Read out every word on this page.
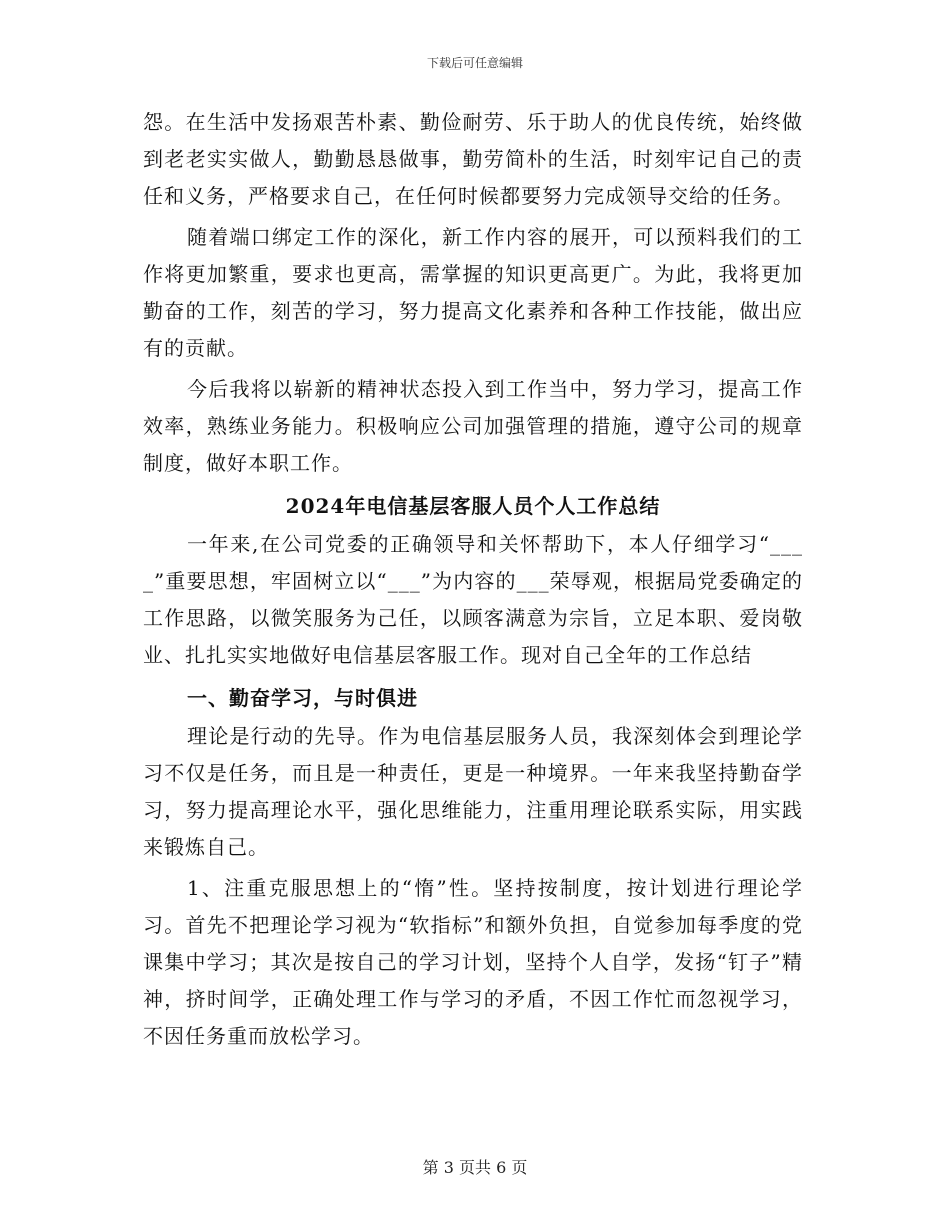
下载后可任意编辑

怨。在生活中发扬艰苦朴素、勤俭耐劳、乐于助人的优良传统，始终做到老老实实做人，勤勤恳恳做事，勤劳简朴的生活，时刻牢记自己的责任和义务，严格要求自己，在任何时候都要努力完成领导交给的任务。

随着端口绑定工作的深化，新工作内容的展开，可以预料我们的工作将更加繁重，要求也更高，需掌握的知识更高更广。为此，我将更加勤奋的工作，刻苦的学习，努力提高文化素养和各种工作技能，做出应有的贡献。

今后我将以崭新的精神状态投入到工作当中，努力学习，提高工作效率，熟练业务能力。积极响应公司加强管理的措施，遵守公司的规章制度，做好本职工作。

2024年电信基层客服人员个人工作总结

一年来,在公司党委的正确领导和关怀帮助下，本人仔细学习“____”重要思想，牢固树立以“___”为内容的___荣辱观，根据局党委确定的工作思路，以微笑服务为己任，以顾客满意为宗旨，立足本职、爱岗敬业、扎扎实实地做好电信基层客服工作。现对自己全年的工作总结

一、勤奋学习，与时俱进

理论是行动的先导。作为电信基层服务人员，我深刻体会到理论学习不仅是任务，而且是一种责任，更是一种境界。一年来我坚持勤奋学习，努力提高理论水平，强化思维能力，注重用理论联系实际，用实践来锻炼自己。

1、注重克服思想上的“惰”性。坚持按制度，按计划进行理论学习。首先不把理论学习视为“软指标”和额外负担，自觉参加每季度的党课集中学习；其次是按自己的学习计划，坚持个人自学，发扬“钉子”精神，挤时间学，正确处理工作与学习的矛盾，不因工作忙而忽视学习，不因任务重而放松学习。

第 3 页共 6 页
